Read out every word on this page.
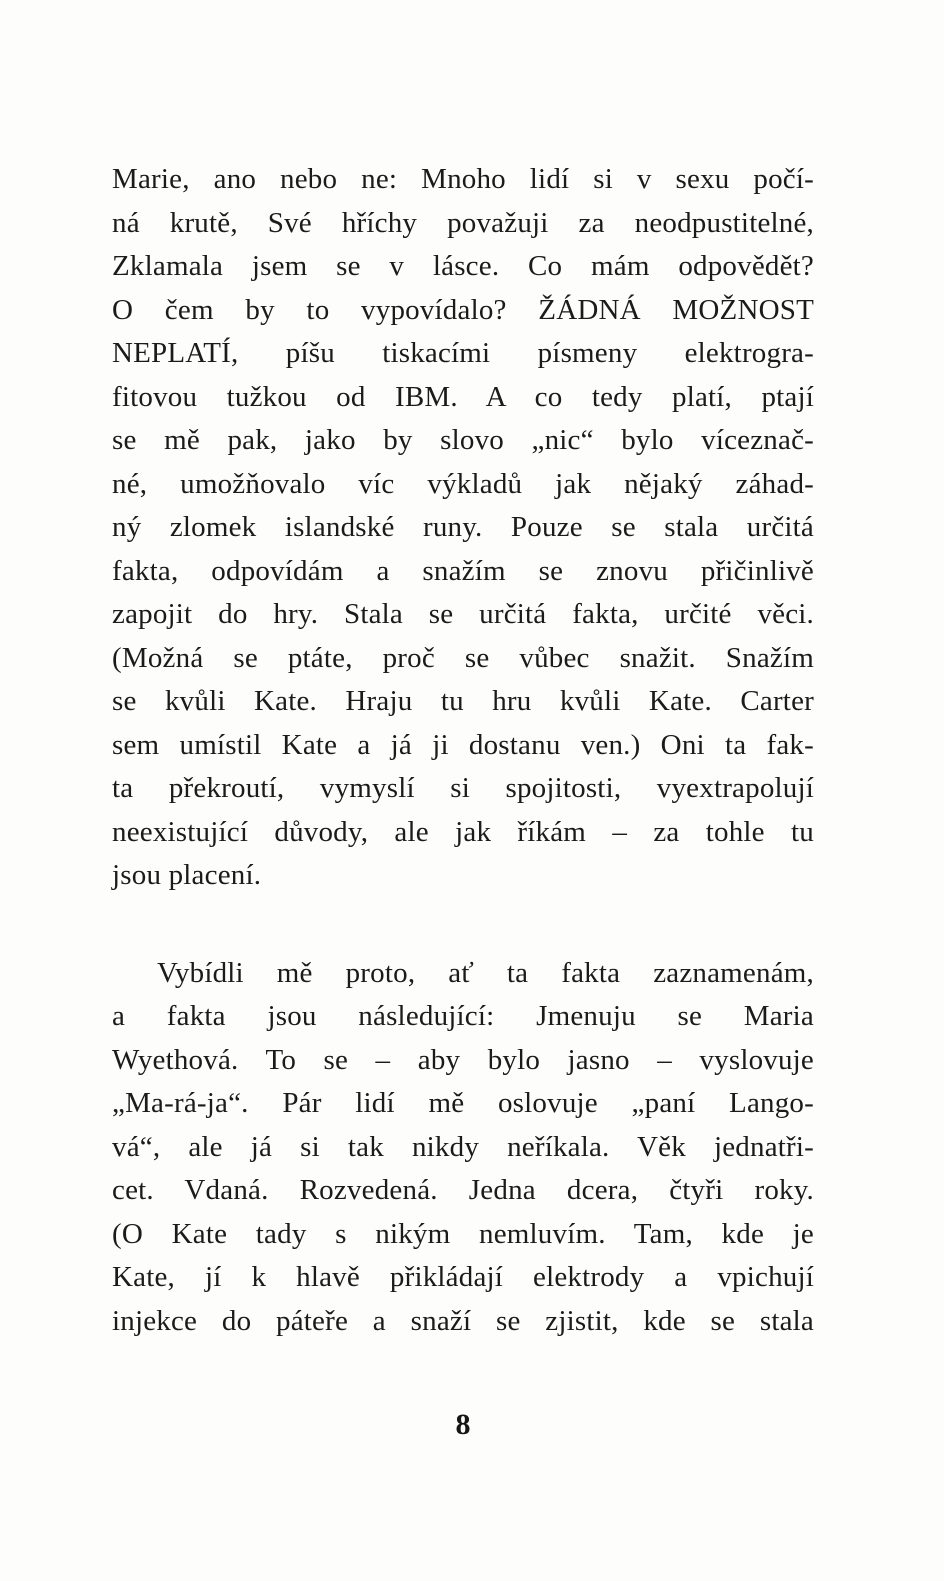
Marie, ano nebo ne: Mnoho lidí si v sexu počí-
ná krutě, Své hříchy považuji za neodpustitelné,
Zklamala jsem se v lásce. Co mám odpovědět?
O čem by to vypovídalo? ŽÁDNÁ MOŽNOST
NEPLATÍ, píšu tiskacími písmeny elektrogra-
fitovou tužkou od IBM. A co tedy platí, ptají
se mě pak, jako by slovo „nic“ bylo víceznač-
né, umožňovalo víc výkladů jak nějaký záhad-
ný zlomek islandské runy. Pouze se stala určitá
fakta, odpovídám a snažím se znovu přičinlivě
zapojit do hry. Stala se určitá fakta, určité věci.
(Možná se ptáte, proč se vůbec snažit. Snažím
se kvůli Kate. Hraju tu hru kvůli Kate. Carter
sem umístil Kate a já ji dostanu ven.) Oni ta fak-
ta překroutí, vymyslí si spojitosti, vyextrapolují
neexistující důvody, ale jak říkám – za tohle tu
jsou placení.
Vybídli mě proto, ať ta fakta zaznamenám,
a fakta jsou následující: Jmenuju se Maria
Wyethová. To se – aby bylo jasno – vyslovuje
„Ma-rá-ja“. Pár lidí mě oslovuje „paní Lango-
vá“, ale já si tak nikdy neříkala. Věk jednatři-
cet. Vdaná. Rozvedená. Jedna dcera, čtyři roky.
(O Kate tady s nikým nemluvím. Tam, kde je
Kate, jí k hlavě přikládají elektrody a vpichují
injekce do páteře a snaží se zjistit, kde se stala
8
